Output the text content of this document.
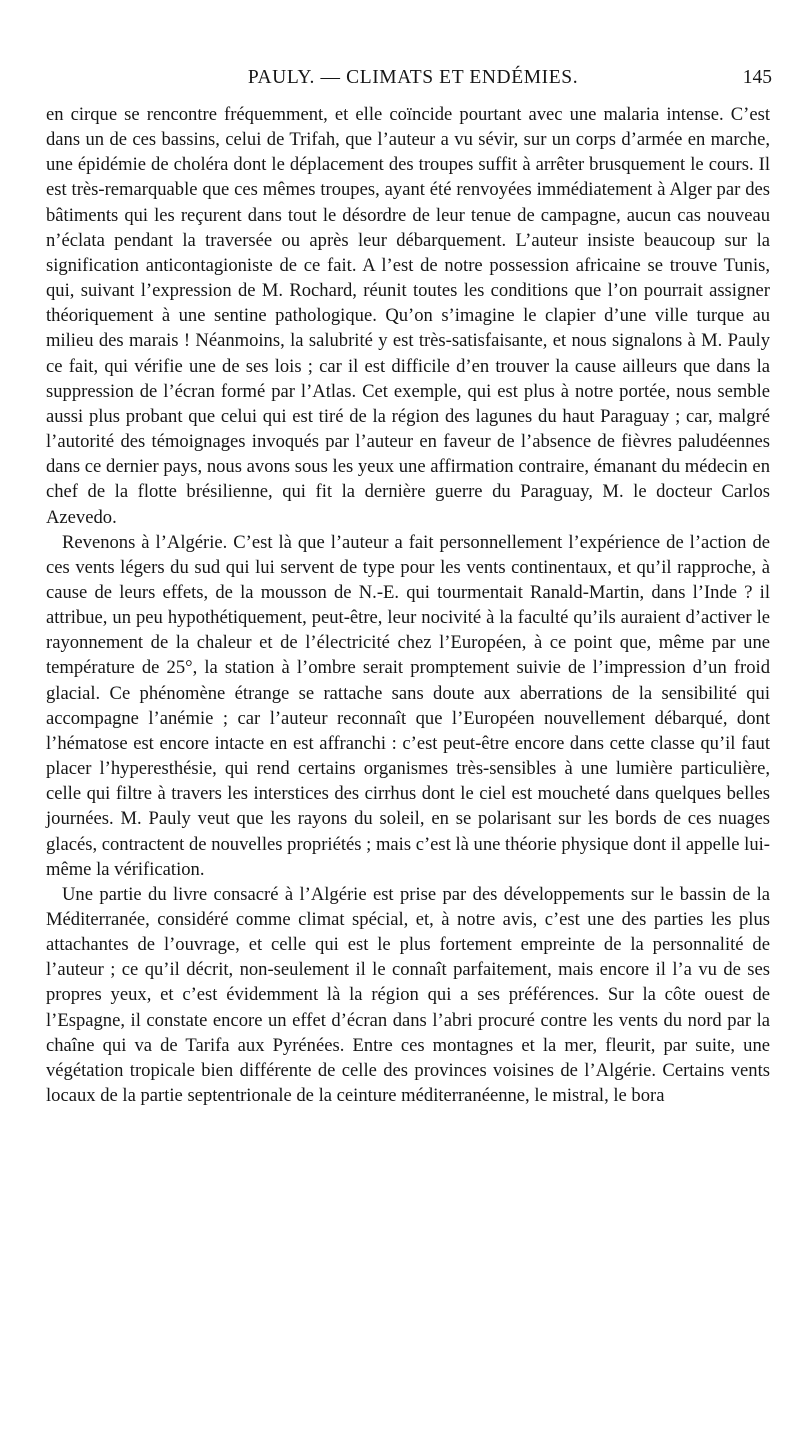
PAULY. — CLIMATS ET ENDÉMIES.	145

en cirque se rencontre fréquemment, et elle coïncide pourtant avec une malaria intense. C’est dans un de ces bassins, celui de Trifah, que l’auteur a vu sévir, sur un corps d’armée en marche, une épidémie de choléra dont le déplacement des troupes suffit à arrêter brusquement le cours. Il est très-remarquable que ces mêmes troupes, ayant été renvoyées immédiatement à Alger par des bâtiments qui les reçurent dans tout le désordre de leur tenue de campagne, aucun cas nouveau n’éclata pendant la traversée ou après leur débarquement. L’auteur insiste beaucoup sur la signification anticontagioniste de ce fait. A l’est de notre possession africaine se trouve Tunis, qui, suivant l’expression de M. Rochard, réunit toutes les conditions que l’on pourrait assigner théoriquement à une sentine pathologique. Qu’on s’imagine le clapier d’une ville turque au milieu des marais ! Néanmoins, la salubrité y est très-satisfaisante, et nous signalons à M. Pauly ce fait, qui vérifie une de ses lois ; car il est difficile d’en trouver la cause ailleurs que dans la suppression de l’écran formé par l’Atlas. Cet exemple, qui est plus à notre portée, nous semble aussi plus probant que celui qui est tiré de la région des lagunes du haut Paraguay ; car, malgré l’autorité des témoignages invoqués par l’auteur en faveur de l’absence de fièvres paludéennes dans ce dernier pays, nous avons sous les yeux une affirmation contraire, émanant du médecin en chef de la flotte brésilienne, qui fit la dernière guerre du Paraguay, M. le docteur Carlos Azevedo.

Revenons à l’Algérie. C’est là que l’auteur a fait personnellement l’expérience de l’action de ces vents légers du sud qui lui servent de type pour les vents continentaux, et qu’il rapproche, à cause de leurs effets, de la mousson de N.-E. qui tourmentait Ranald-Martin, dans l’Inde ? il attribue, un peu hypothétiquement, peut-être, leur nocivité à la faculté qu’ils auraient d’activer le rayonnement de la chaleur et de l’électricité chez l’Européen, à ce point que, même par une température de 25°, la station à l’ombre serait promptement suivie de l’impression d’un froid glacial. Ce phénomène étrange se rattache sans doute aux aberrations de la sensibilité qui accompagne l’anémie ; car l’auteur reconnaît que l’Européen nouvellement débarqué, dont l’hématose est encore intacte en est affranchi : c’est peut-être encore dans cette classe qu’il faut placer l’hyperesthésie, qui rend certains organismes très-sensibles à une lumière particulière, celle qui filtre à travers les interstices des cirrhus dont le ciel est moucheté dans quelques belles journées. M. Pauly veut que les rayons du soleil, en se polarisant sur les bords de ces nuages glacés, contractent de nouvelles propriétés ; mais c’est là une théorie physique dont il appelle lui-même la vérification.

Une partie du livre consacré à l’Algérie est prise par des développements sur le bassin de la Méditerranée, considéré comme climat spécial, et, à notre avis, c’est une des parties les plus attachantes de l’ouvrage, et celle qui est le plus fortement empreinte de la personnalité de l’auteur ; ce qu’il décrit, non-seulement il le connaît parfaitement, mais encore il l’a vu de ses propres yeux, et c’est évidemment là la région qui a ses préférences. Sur la côte ouest de l’Espagne, il constate encore un effet d’écran dans l’abri procuré contre les vents du nord par la chaîne qui va de Tarifa aux Pyrénées. Entre ces montagnes et la mer, fleurit, par suite, une végétation tropicale bien différente de celle des provinces voisines de l’Algérie. Certains vents locaux de la partie septentrionale de la ceinture méditerranéenne, le mistral, le bora
